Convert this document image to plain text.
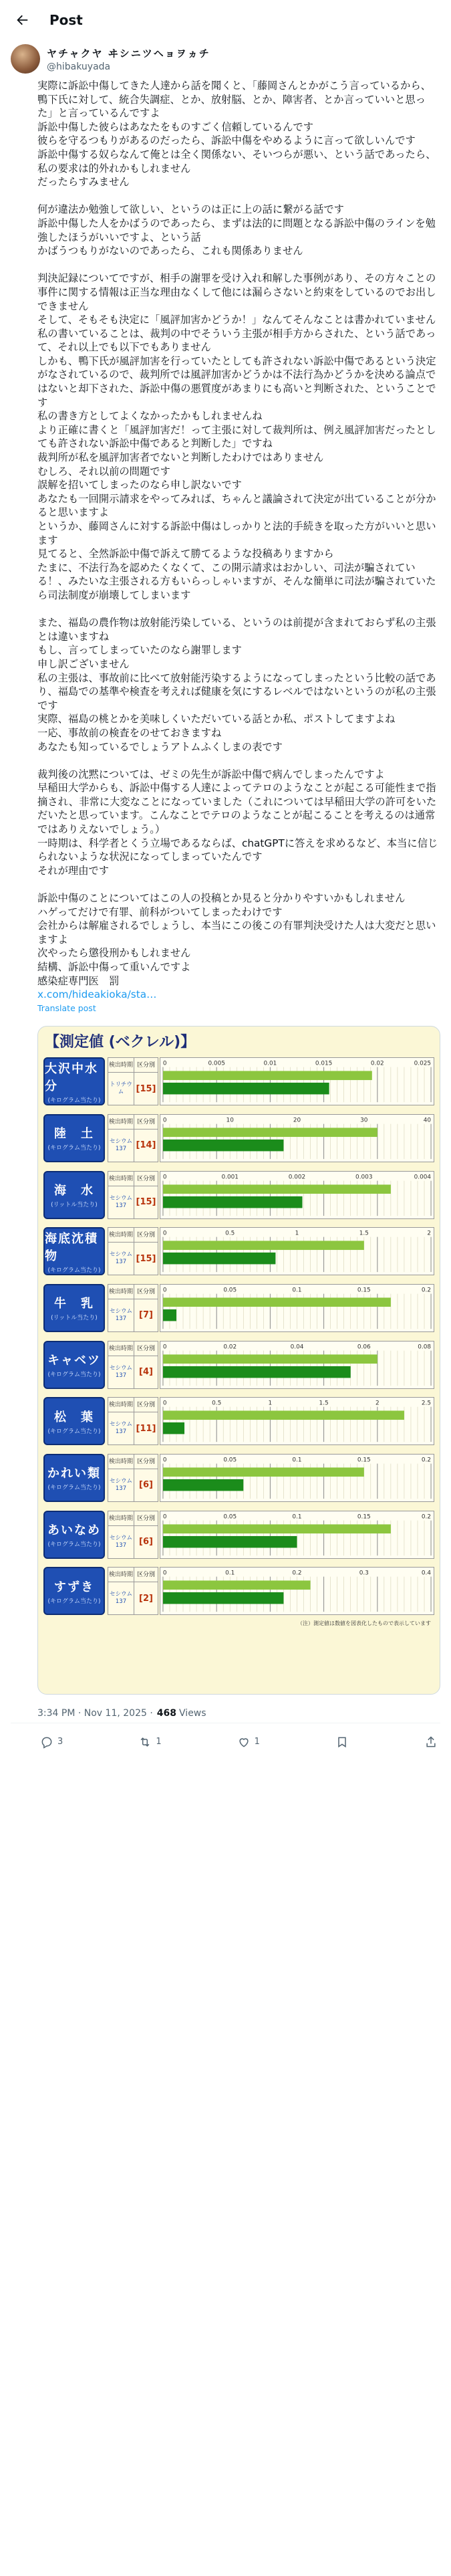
Post
ヤチャクヤ ヰシニツヘョヲヵチ
@hibakuyada

実際に訴訟中傷してきた人達から話を聞くと、「藤岡さんとかがこう言っているから、鴨下氏に対して、統合失調症、とか、放射脳、とか、障害者、とか言っていいと思った」と言っているんですよ

訴訟中傷した彼らはあなたをものすごく信頼しているんです

彼らを守るつもりがあるのだったら、訴訟中傷をやめるように言って欲しいんです

訴訟中傷する奴らなんて俺とは全く関係ない、そいつらが悪い、という話であったら、私の要求は的外れかもしれません

だったらすみません

何が違法か勉強して欲しい、というのは正に上の話に繋がる話です

訴訟中傷した人をかばうのであったら、まずは法的に問題となる訴訟中傷のラインを勉強したほうがいいですよ、という話

かばうつもりがないのであったら、これも関係ありません

判決記録についてですが、相手の謝罪を受け入れ和解した事例があり、その方々ことの事件に関する情報は正当な理由なくして他には漏らさないと約束をしているのでお出しできません

そして、そもそも決定に「風評加害かどうか！」なんてそんなことは書かれていません

私の書いていることは、裁判の中でそういう主張が相手方からされた、という話であって、それ以上でも以下でもありません

しかも、鴨下氏が風評加害を行っていたとしても許されない訴訟中傷であるという決定がなされているので、裁判所では風評加害かどうかは不法行為かどうかを決める論点ではないと却下された、訴訟中傷の悪質度があまりにも高いと判断された、ということです

私の書き方としてよくなかったかもしれませんね

より正確に書くと「風評加害だ！って主張に対して裁判所は、例え風評加害だったとしても許されない訴訟中傷であると判断した」ですね

裁判所が私を風評加害者でないと判断したわけではありません

むしろ、それ以前の問題です

誤解を招いてしまったのなら申し訳ないです

あなたも一回開示請求をやってみれば、ちゃんと議論されて決定が出ていることが分かると思いますよ

というか、藤岡さんに対する訴訟中傷はしっかりと法的手続きを取った方がいいと思います

見てると、全然訴訟中傷で訴えて勝てるような投稿ありますから

たまに、不法行為を認めたくなくて、この開示請求はおかしい、司法が騙されている！、みたいな主張される方もいらっしゃいますが、そんな簡単に司法が騙されていたら司法制度が崩壊してしまいます

また、福島の農作物は放射能汚染している、というのは前提が含まれておらず私の主張とは違いますね

もし、言ってしまっていたのなら謝罪します

申し訳ございません

私の主張は、事故前に比べて放射能汚染するようになってしまったという比較の話であり、福島での基準や検査を考えれば健康を気にするレベルではないというのが私の主張です

実際、福島の桃とかを美味しくいただいている話とか私、ポストしてますよね

一応、事故前の検査をのせておきますね

あなたも知っているでしょうアトムふくしまの表です

裁判後の沈黙については、ゼミの先生が訴訟中傷で病んでしまったんですよ

早稲田大学からも、訴訟中傷する人達によってテロのようなことが起こる可能性まで指摘され、非常に大変なことになっていました（これについては早稲田大学の許可をいただいたと思っています。こんなことでテロのようなことが起こることを考えるのは通常ではありえないでしょう。）

一時期は、科学者とくう立場であるならば、chatGPTに答えを求めるなど、本当に信じられないような状況になってしまっていたんです

それが理由です

訴訟中傷のことについてはこの人の投稿とか見ると分かりやすいかもしれません

ハゲってだけで有罪、前科がついてしまったわけです

会社からは解雇されるでしょうし、本当にこの後この有罪判決受けた人は大変だと思いますよ

次やったら懲役刑かもしれません

結構、訴訟中傷って重いんですよ

感染症専門医　罰

x.com/hideakioka/sta…
Translate post
【測定値 (ベクレル)】
大沢中水分
(キログラム当たり)
検出時期
トリチウム
区分別
[ 15 ]
0	0.005	0.01	0.015	0.02	0.025
陸　土
(キログラム当たり)
検出時期
セシウム 137
区分別
[ 14 ]
0	10	20	30	40
海　水
(リットル当たり)
検出時期
セシウム 137
区分別
[ 15 ]
0	0.001	0.002	0.003	0.004
海底沈積物
(キログラム当たり)
検出時期
セシウム 137
区分別
[ 15 ]
0	0.5	1	1.5	2
牛　乳
(リットル当たり)
検出時期
セシウム 137
区分別
[ 7 ]
0	0.05	0.1	0.15	0.2
キャベツ
(キログラム当たり)
検出時期
セシウム 137
区分別
[ 4 ]
0	0.02	0.04	0.06	0.08
松　葉
(キログラム当たり)
検出時期
セシウム 137
区分別
[ 11 ]
0	0.5	1	1.5	2	2.5
かれい類
(キログラム当たり)
検出時期
セシウム 137
区分別
[ 6 ]
0	0.05	0.1	0.15	0.2
あいなめ
(キログラム当たり)
検出時期
セシウム 137
区分別
[ 6 ]
0	0.05	0.1	0.15	0.2
すずき
(キログラム当たり)
検出時期
セシウム 137
区分別
[ 2 ]
0	0.1	0.2	0.3	0.4
（注）測定値は数値を図表化したもので表示しています
3:34 PM · Nov 11, 2025 · 468 Views
3	1	1
